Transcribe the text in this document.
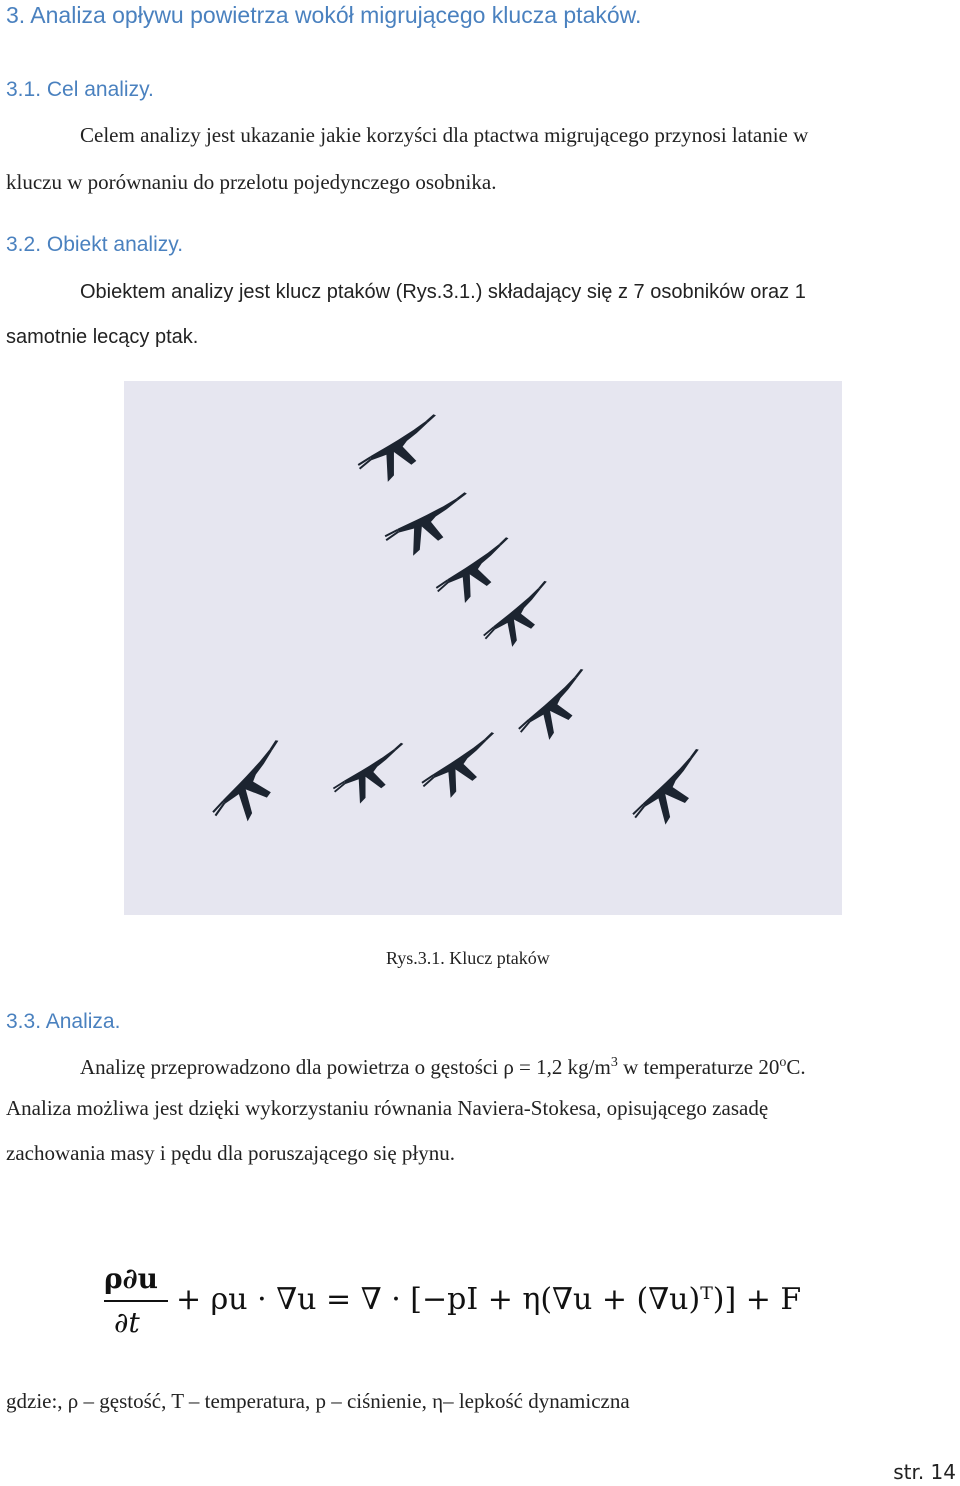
3. Analiza opływu powietrza wokół migrującego klucza ptaków.
3.1. Cel analizy.
Celem analizy jest ukazanie jakie korzyści dla ptactwa migrującego przynosi latanie w
kluczu w porównaniu do przelotu pojedynczego osobnika.
3.2. Obiekt analizy.
Obiektem analizy jest klucz ptaków (Rys.3.1.) składający się z 7 osobników oraz 1
samotnie lecący ptak.
Rys.3.1. Klucz ptaków
3.3. Analiza.
Analizę przeprowadzono dla powietrza o gęstości ρ = 1,2 $kg/m^3$ w temperaturze 20$^o$C.
Analiza możliwa jest dzięki wykorzystaniu równania Naviera-Stokesa, opisującego zasadę
zachowania masy i pędu dla poruszającego się płynu.
ρ∂u
∂t
+ ρu · ∇u = ∇ · [−pI + η(∇u + (∇u)ᵀ)] + F
gdzie:, ρ – gęstość, T – temperatura, p – ciśnienie, η– lepkość dynamiczna
str. 14
